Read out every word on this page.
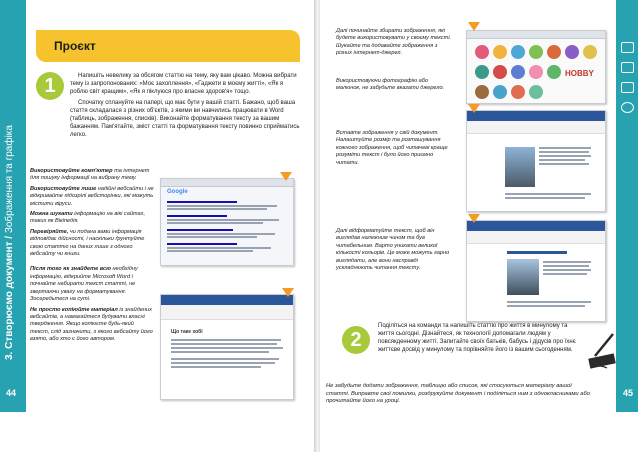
3. Створюємо документ / Зображення та графіка
44
Проєкт
1	Напишіть невелику за обсягом статтю на тему, яку вам цікаво. Можна вибрати тему із запропонованих: «Моє захоплення», «Гаджети в моєму житті», «Як я роблю світ кращим», «Як я піклуюся про власне здоров'я» тощо.

Спочатку сплануйте на папері, що має бути у вашій статті. Бажано, щоб ваша стаття складалася з різних об'єктів, з якими ви навчились працювати в Word (таблиць, зображення, списків). Виконайте форматування тексту за вашим бажанням. Пам'ятайте, зміст статті та форматування тексту повинно сприйматись легко.

Використовуйте комп'ютер та інтернет для пошуку інформації на вибрану тему.

Використовуйте лише надійні вебсайти і не відкривайте підозрілі вебсторінки, які можуть містити віруси.

Можна шукати інформацію на вікі сайтах, таких як Вікіпедія.

Перевіряйте, чи подана вами інформація відповідає дійсності, і наскільки ґрунтуйте свою статтю на даних лише з одного вебсайту чи книги.

Після того як знайдете всю необхідну інформацію, відкрийте Microsoft Word і почнайте набирати текст статті, не звертаючи увагу на форматування. Зосередьтеся на суті.

Не просто копіюйте матеріал із знайдених вебсайтів, а намагайтеся будувати власні твердження. Якщо копіюєте будь-який текст, слід зазначити, з якого вебсайту його взято, або хто є його автором.

Google
Що таке хобі
45

Далі починайте збирати зображення, які будете використовувати у своєму тексті. Шукайте та додавайте зображення з різних інтернет-джерел.

Використовуючи фотографію або малюнок, не забудьте вказати джерело.

Вставте зображення у свій документ. Налаштуйте розмір та розташування кожного зображення, щоб читачеві кращe розуміти текст і було його приємно читати.

Далі відформатуйте текст, щоб він виглядав належним чином та був читабельним. Варто уникати великої кількості кольорів. Це може можуть гарно виглядати, але вони насправді ускладнюють читання тексту.

HOBBY
2
Поділіться на команди та напишіть статтю про життя в минулому та життя сьогодні. Дізнайтеся, як технології допомагали людям у повсякденному житті. Запитайте своїх батьків, бабусь і дідусів про їхнє життєве досвід у минулому та порівняйте його із вашим сьогоденням.
Не забудьте додати зображення, таблицю або список, які стосуються матеріалу вашої статті. Виправте свої помилки, роздрукуйте документ і поділіться ним з однокласниками або прочитайте його на уроці.
